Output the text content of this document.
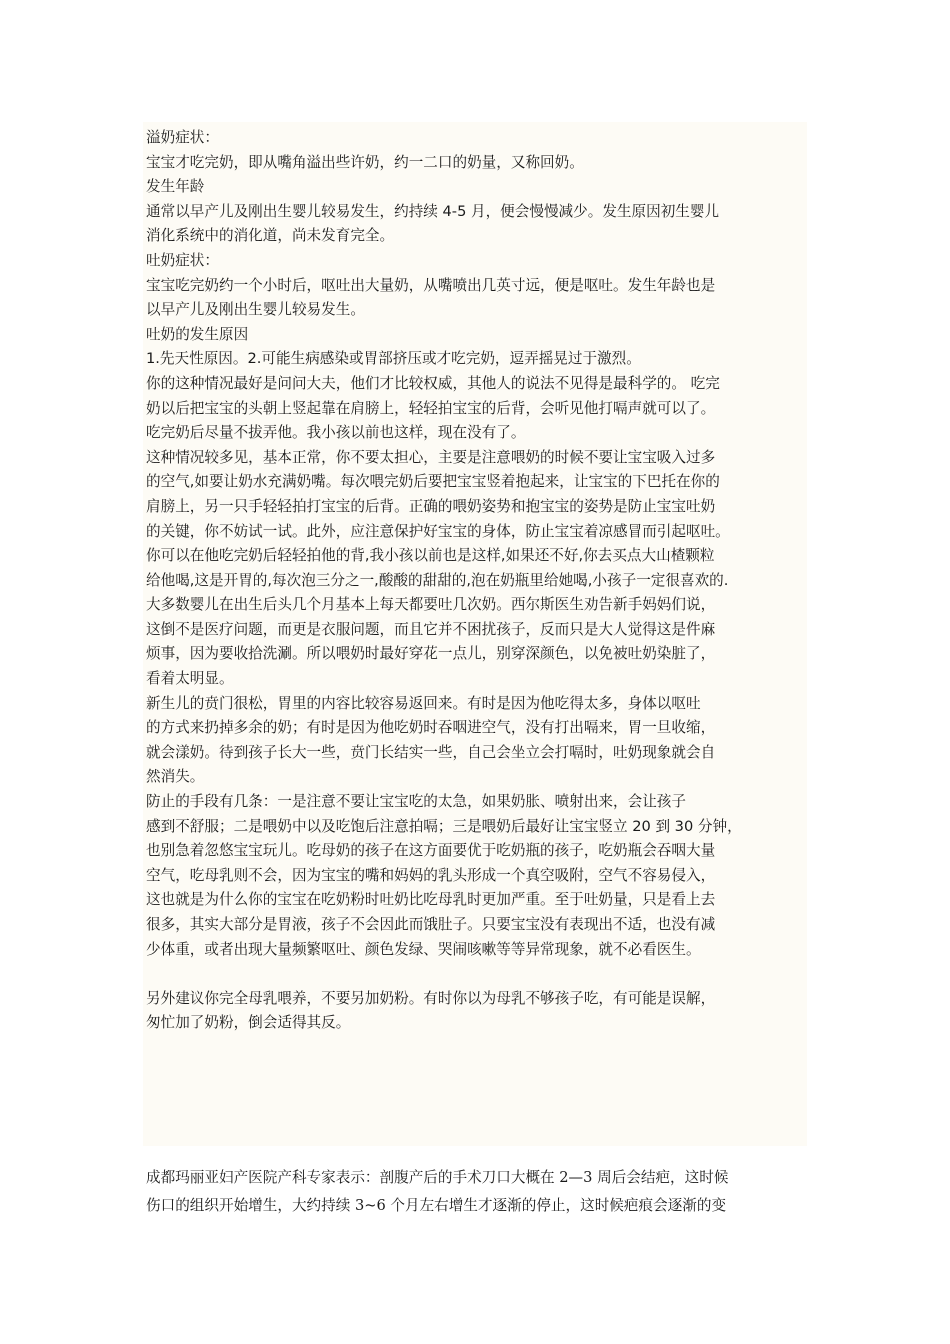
溢奶症状：
宝宝才吃完奶，即从嘴角溢出些许奶，约一二口的奶量，又称回奶。
发生年龄
通常以早产儿及刚出生婴儿较易发生，约持续 4-5 月，便会慢慢减少。发生原因初生婴儿
消化系统中的消化道，尚未发育完全。
吐奶症状：
宝宝吃完奶约一个小时后，呕吐出大量奶，从嘴喷出几英寸远，便是呕吐。发生年龄也是
以早产儿及刚出生婴儿较易发生。
吐奶的发生原因
1.先天性原因。2.可能生病感染或胃部挤压或才吃完奶，逗弄摇晃过于激烈。
你的这种情况最好是问问大夫，他们才比较权威，其他人的说法不见得是最科学的。 吃完
奶以后把宝宝的头朝上竖起靠在肩膀上，轻轻拍宝宝的后背，会听见他打嗝声就可以了。
吃完奶后尽量不拔弄他。我小孩以前也这样，现在没有了。
这种情况较多见，基本正常，你不要太担心，主要是注意喂奶的时候不要让宝宝吸入过多
的空气,如要让奶水充满奶嘴。每次喂完奶后要把宝宝竖着抱起来，让宝宝的下巴托在你的
肩膀上，另一只手轻轻拍打宝宝的后背。正确的喂奶姿势和抱宝宝的姿势是防止宝宝吐奶
的关键，你不妨试一试。此外，应注意保护好宝宝的身体，防止宝宝着凉感冒而引起呕吐。
你可以在他吃完奶后轻轻拍他的背,我小孩以前也是这样,如果还不好,你去买点大山楂颗粒
给他喝,这是开胃的,每次泡三分之一,酸酸的甜甜的,泡在奶瓶里给她喝,小孩子一定很喜欢的.
大多数婴儿在出生后头几个月基本上每天都要吐几次奶。西尔斯医生劝告新手妈妈们说，
这倒不是医疗问题，而更是衣服问题，而且它并不困扰孩子，反而只是大人觉得这是件麻
烦事，因为要收拾洗涮。所以喂奶时最好穿花一点儿，别穿深颜色，以免被吐奶染脏了，
看着太明显。
新生儿的贲门很松，胃里的内容比较容易返回来。有时是因为他吃得太多，身体以呕吐
的方式来扔掉多余的奶；有时是因为他吃奶时吞咽进空气，没有打出嗝来，胃一旦收缩，
就会漾奶。待到孩子长大一些，贲门长结实一些，自己会坐立会打嗝时，吐奶现象就会自
然消失。
防止的手段有几条：一是注意不要让宝宝吃的太急，如果奶胀、喷射出来，会让孩子
感到不舒服；二是喂奶中以及吃饱后注意拍嗝；三是喂奶后最好让宝宝竖立 20 到 30 分钟，
也别急着忽悠宝宝玩儿。吃母奶的孩子在这方面要优于吃奶瓶的孩子，吃奶瓶会吞咽大量
空气，吃母乳则不会，因为宝宝的嘴和妈妈的乳头形成一个真空吸附，空气不容易侵入，
这也就是为什么你的宝宝在吃奶粉时吐奶比吃母乳时更加严重。至于吐奶量，只是看上去
很多，其实大部分是胃液，孩子不会因此而饿肚子。只要宝宝没有表现出不适，也没有减
少体重，或者出现大量频繁呕吐、颜色发绿、哭闹咳嗽等等异常现象，就不必看医生。
另外建议你完全母乳喂养，不要另加奶粉。有时你以为母乳不够孩子吃，有可能是误解，
匆忙加了奶粉，倒会适得其反。
成都玛丽亚妇产医院产科专家表示：剖腹产后的手术刀口大概在 2—3 周后会结疤，这时候
伤口的组织开始增生，大约持续 3~6 个月左右增生才逐渐的停止，这时候疤痕会逐渐的变
